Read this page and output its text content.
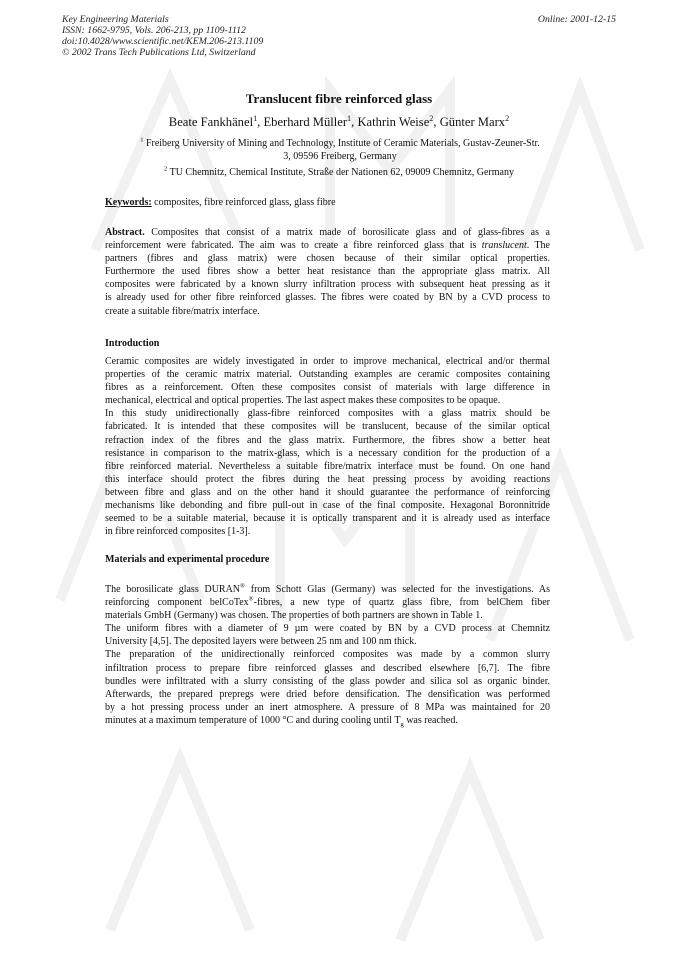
Key Engineering Materials
ISSN: 1662-9795, Vols. 206-213, pp 1109-1112
doi:10.4028/www.scientific.net/KEM.206-213.1109
© 2002 Trans Tech Publications Ltd, Switzerland
Online: 2001-12-15
Translucent fibre reinforced glass
Beate Fankhänel$^1$, Eberhard Müller$^1$, Kathrin Weise$^2$, Günter Marx$^2$
$^1$ Freiberg University of Mining and Technology, Institute of Ceramic Materials, Gustav-Zeuner-Str.
3, 09596 Freiberg, Germany
$^2$ TU Chemnitz, Chemical Institute, Straße der Nationen 62, 09009 Chemnitz, Germany
Keywords: composites, fibre reinforced glass, glass fibre
Abstract. Composites that consist of a matrix made of borosilicate glass and of glass-fibres as a
reinforcement were fabricated. The aim was to create a fibre reinforced glass that is translucent. The
partners (fibres and glass matrix) were chosen because of their similar optical properties.
Furthermore the used fibres show a better heat resistance than the appropriate glass matrix. All
composites were fabricated by a known slurry infiltration process with subsequent heat pressing as it
is already used for other fibre reinforced glasses. The fibres were coated by BN by a CVD process to
create a suitable fibre/matrix interface.
Introduction
Ceramic composites are widely investigated in order to improve mechanical, electrical and/or thermal
properties of the ceramic matrix material. Outstanding examples are ceramic composites containing
fibres as a reinforcement. Often these composites consist of materials with large difference in
mechanical, electrical and optical properties. The last aspect makes these composites to be opaque.
In this study unidirectionally glass-fibre reinforced composites with a glass matrix should be
fabricated. It is intended that these composites will be translucent, because of the similar optical
refraction index of the fibres and the glass matrix. Furthermore, the fibres show a better heat
resistance in comparison to the matrix-glass, which is a necessary condition for the production of a
fibre reinforced material. Nevertheless a suitable fibre/matrix interface must be found. On one hand
this interface should protect the fibres during the heat pressing process by avoiding reactions
between fibre and glass and on the other hand it should guarantee the performance of reinforcing
mechanisms like debonding and fibre pull-out in case of the final composite. Hexagonal Boronnitride
seemed to be a suitable material, because it is optically transparent and it is already used as interface
in fibre reinforced composites [1-3].
Materials and experimental procedure
The borosilicate glass DURAN® from Schott Glas (Germany) was selected for the investigations. As
reinforcing component belCoTex®-fibres, a new type of quartz glass fibre, from belChem fiber
materials GmbH (Germany) was chosen. The properties of both partners are shown in Table 1.
The uniform fibres with a diameter of 9 µm were coated by BN by a CVD process at Chemnitz
University [4,5]. The deposited layers were between 25 nm and 100 nm thick.
The preparation of the unidirectionally reinforced composites was made by a common slurry
infiltration process to prepare fibre reinforced glasses and described elsewhere [6,7]. The fibre
bundles were infiltrated with a slurry consisting of the glass powder and silica sol as organic binder.
Afterwards, the prepared prepregs were dried before densification. The densification was performed
by a hot pressing process under an inert atmosphere. A pressure of 8 MPa was maintained for 20
minutes at a maximum temperature of 1000 °C and during cooling until $T_g$ was reached.
